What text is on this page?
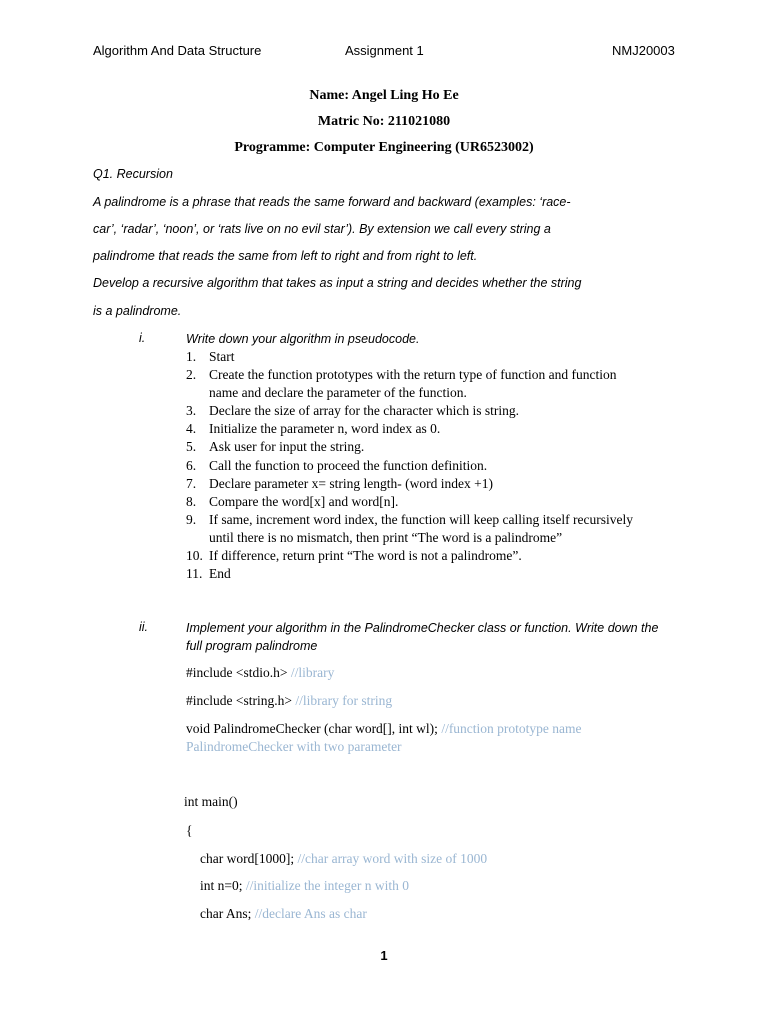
Algorithm And Data Structure	Assignment 1	NMJ20003
Name: Angel Ling Ho Ee
Matric No: 211021080
Programme: Computer Engineering (UR6523002)
Q1. Recursion
A palindrome is a phrase that reads the same forward and backward (examples: ‘race-
car’, ‘radar’, ‘noon’, or ‘rats live on no evil star’). By extension we call every string a
palindrome that reads the same from left to right and from right to left.
Develop a recursive algorithm that takes as input a string and decides whether the string
is a palindrome.
i.	Write down your algorithm in pseudocode.
1. Start
2. Create the function prototypes with the return type of function and function name and declare the parameter of the function.
3. Declare the size of array for the character which is string.
4. Initialize the parameter n, word index as 0.
5. Ask user for input the string.
6. Call the function to proceed the function definition.
7. Declare parameter x= string length- (word index +1)
8. Compare the word[x] and word[n].
9. If same, increment word index, the function will keep calling itself recursively until there is no mismatch, then print “The word is a palindrome”
10. If difference, return print “The word is not a palindrome”.
11. End
ii.	Implement your algorithm in the PalindromeChecker class or function. Write down the full program palindrome
#include <stdio.h> //library
#include <string.h> //library for string
void PalindromeChecker (char word[], int wl); //function prototype name PalindromeChecker with two parameter
int main()
{
char word[1000]; //char array word with size of 1000
int n=0; //initialize the integer n with 0
char Ans; //declare Ans as char
1
